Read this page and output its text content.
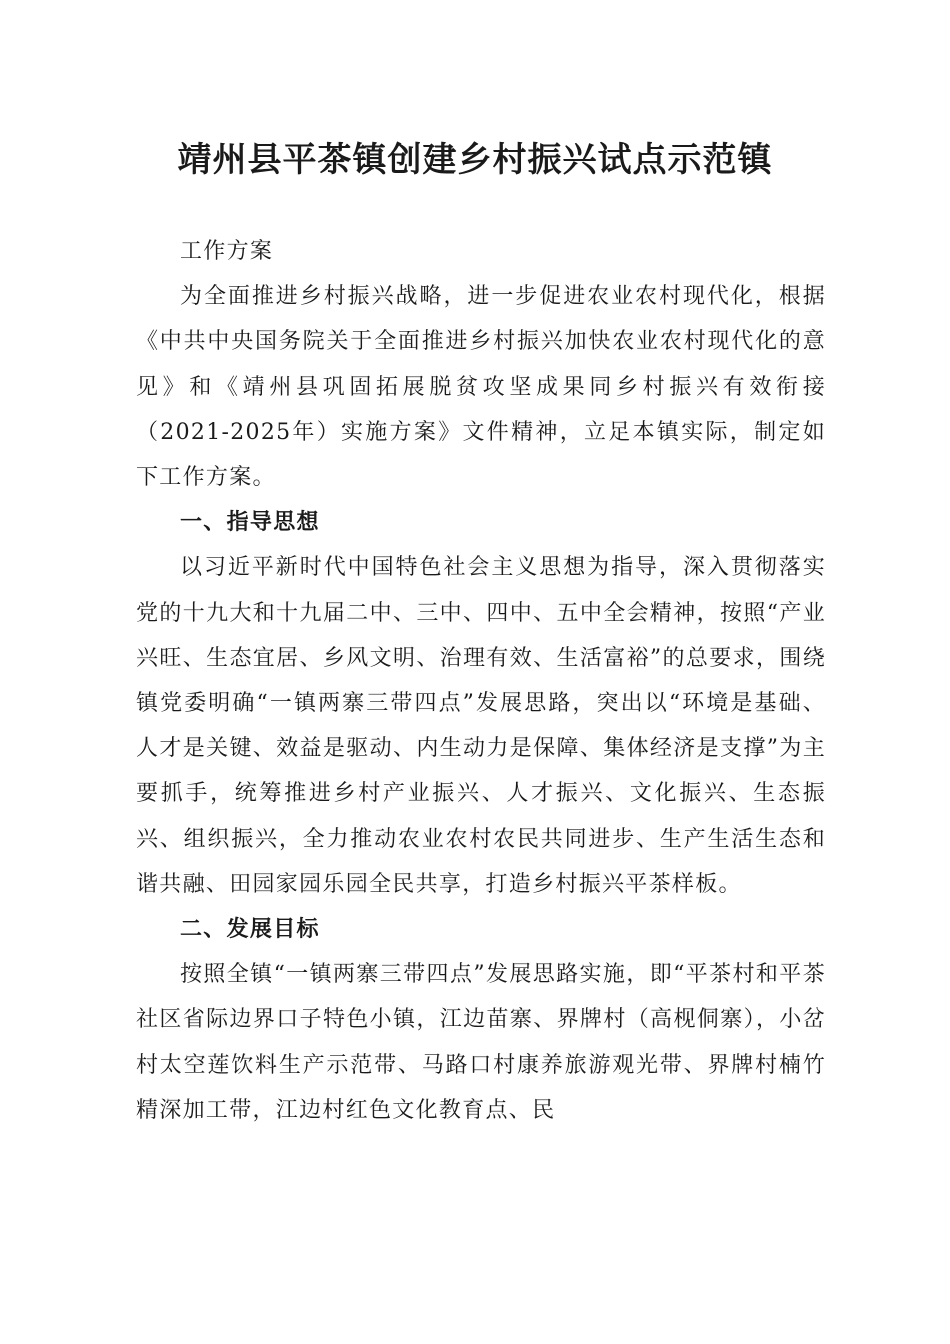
靖州县平茶镇创建乡村振兴试点示范镇

工作方案

为全面推进乡村振兴战略，进一步促进农业农村现代化，根据《中共中央国务院关于全面推进乡村振兴加快农业农村现代化的意见》和《靖州县巩固拓展脱贫攻坚成果同乡村振兴有效衔接（2021-2025年）实施方案》文件精神，立足本镇实际，制定如下工作方案。

一、指导思想

以习近平新时代中国特色社会主义思想为指导，深入贯彻落实党的十九大和十九届二中、三中、四中、五中全会精神，按照“产业兴旺、生态宜居、乡风文明、治理有效、生活富裕”的总要求，围绕镇党委明确“一镇两寨三带四点”发展思路，突出以“环境是基础、人才是关键、效益是驱动、内生动力是保障、集体经济是支撑”为主要抓手，统筹推进乡村产业振兴、人才振兴、文化振兴、生态振兴、组织振兴，全力推动农业农村农民共同进步、生产生活生态和谐共融、田园家园乐园全民共享，打造乡村振兴平茶样板。

二、发展目标

按照全镇“一镇两寨三带四点”发展思路实施，即“平茶村和平茶社区省际边界口子特色小镇，江边苗寨、界牌村（高枧侗寨），小岔村太空莲饮料生产示范带、马路口村康养旅游观光带、界牌村楠竹精深加工带，江边村红色文化教育点、民
